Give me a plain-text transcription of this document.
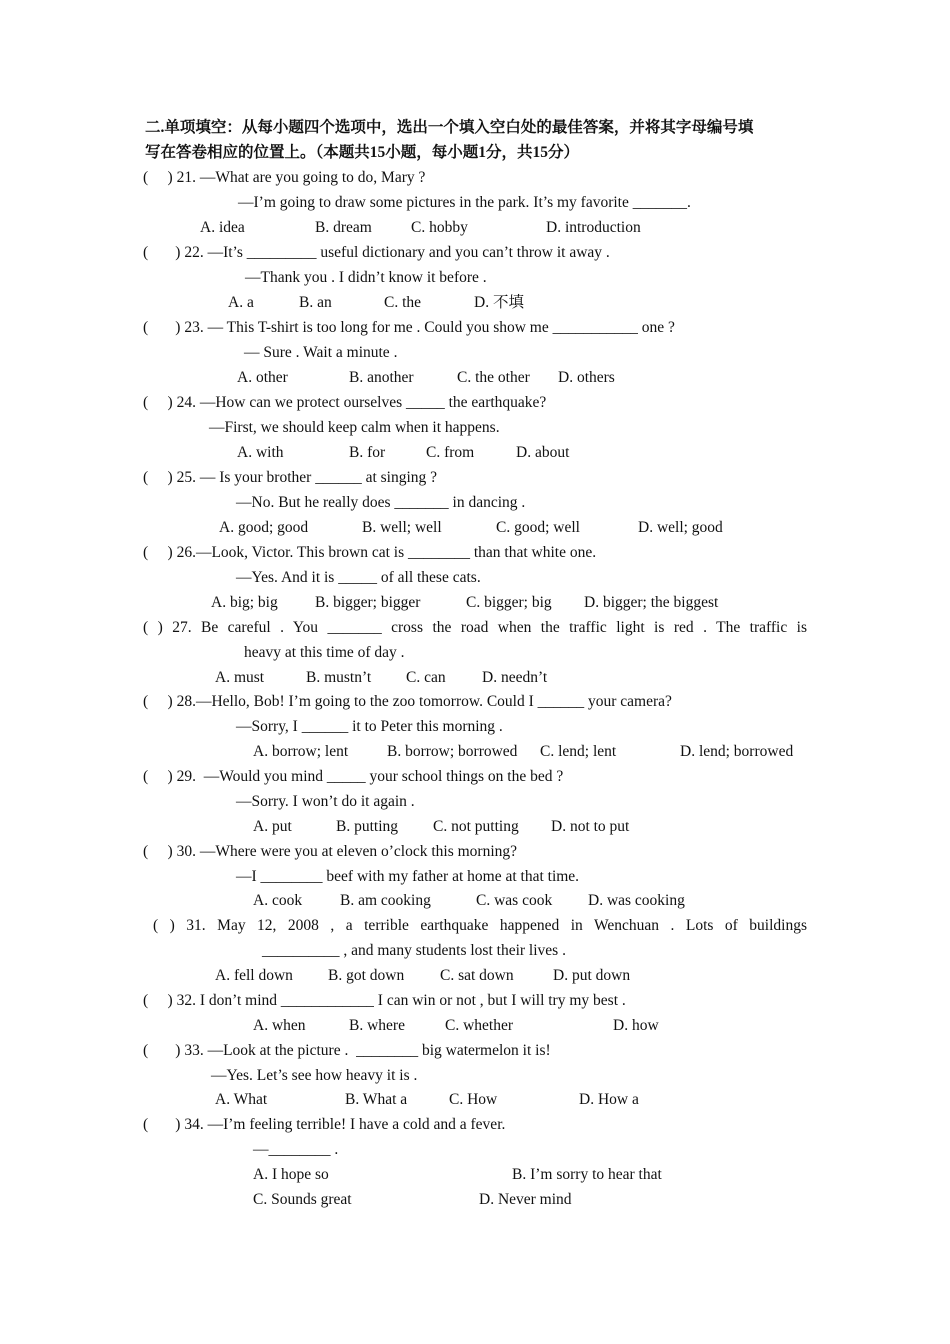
二.单项填空：从每小题四个选项中，选出一个填入空白处的最佳答案，并将其字母编号填
写在答卷相应的位置上。（本题共15小题，每小题1分，共15分）
(     ) 21. —What are you going to do, Mary ?
—I’m going to draw some pictures in the park. It’s my favorite _______.
A. idea	B. dream	C. hobby	D. introduction
(       ) 22. —It’s _________ useful dictionary and you can’t throw it away .
—Thank you . I didn’t know it before .
A. a	B. an	C. the	D. 不填
(       ) 23. — This T-shirt is too long for me . Could you show me ___________ one ?
— Sure . Wait a minute .
A. other	B. another	C. the other D. others
(     ) 24. —How can we protect ourselves _____ the earthquake?
—First, we should keep calm when it happens.
A. with	B. for	C. from	D. about
(     ) 25. — Is your brother ______ at singing ?
—No. But he really does _______ in dancing .
A. good; good	B. well; well	C. good; well	D. well; good
(     ) 26.—Look, Victor. This brown cat is ________ than that white one.
—Yes. And it is _____ of all these cats.
A. big; big B. bigger; bigger	C. bigger; big D. bigger; the biggest
( ) 27. Be careful . You _______ cross the road when the traffic light is red . The traffic is
heavy at this time of day .
A. must	B. mustn’t C. can D. needn’t
(     ) 28.—Hello, Bob! I’m going to the zoo tomorrow. Could I ______ your camera?
—Sorry, I ______ it to Peter this morning .
A. borrow; lent	B. borrow; borrowed C. lend; lent	D. lend; borrowed
(     ) 29.  —Would you mind _____ your school things on the bed ?
—Sorry. I won’t do it again .
A. put	B. putting C. not putting D. not to put
(     ) 30. —Where were you at eleven o’clock this morning?
—I ________ beef with my father at home at that time.
A. cook B. am cooking	C. was cook D. was cooking
( ) 31. May 12, 2008 , a terrible earthquake happened in Wenchuan . Lots of buildings
__________ , and many students lost their lives .
A. fell down B. got down C. sat down	D. put down
(     ) 32. I don’t mind ____________ I can win or not , but I will try my best .
A. when	B. where	C. whether	D. how
(       ) 33. —Look at the picture .  ________ big watermelon it is!
—Yes. Let’s see how heavy it is .
A. What	B. What a	C. How	D. How a
(       ) 34. —I’m feeling terrible! I have a cold and a fever.
—________ .
A. I hope so	B. I’m sorry to hear that
C. Sounds great	D. Never mind
